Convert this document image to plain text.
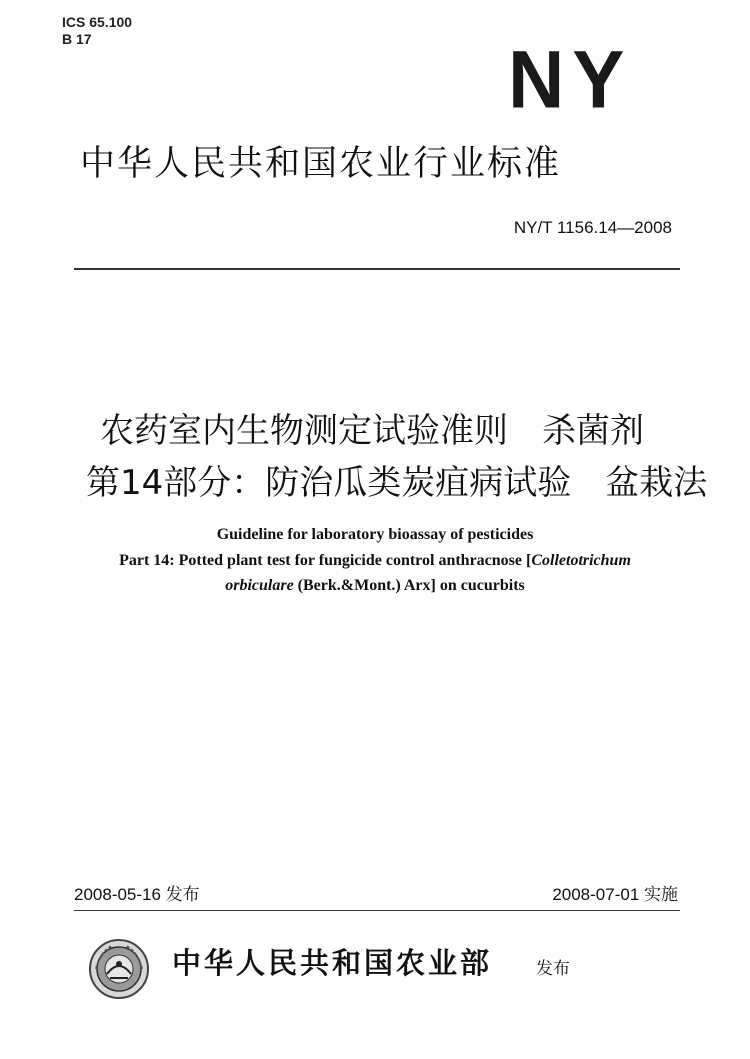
ICS 65.100
B 17	NY
中华人民共和国农业行业标准
NY/T 1156.14—2008
农药室内生物测定试验准则　杀菌剂
第14部分：防治瓜类炭疽病试验　盆栽法
Guideline for laboratory bioassay of pesticides
Part 14: Potted plant test for fungicide control anthracnose [Colletotrichum
orbiculare (Berk.&Mont.) Arx] on cucurbits
2008-05-16 发布	2008-07-01 实施
中华人民共和国农业部	发布
